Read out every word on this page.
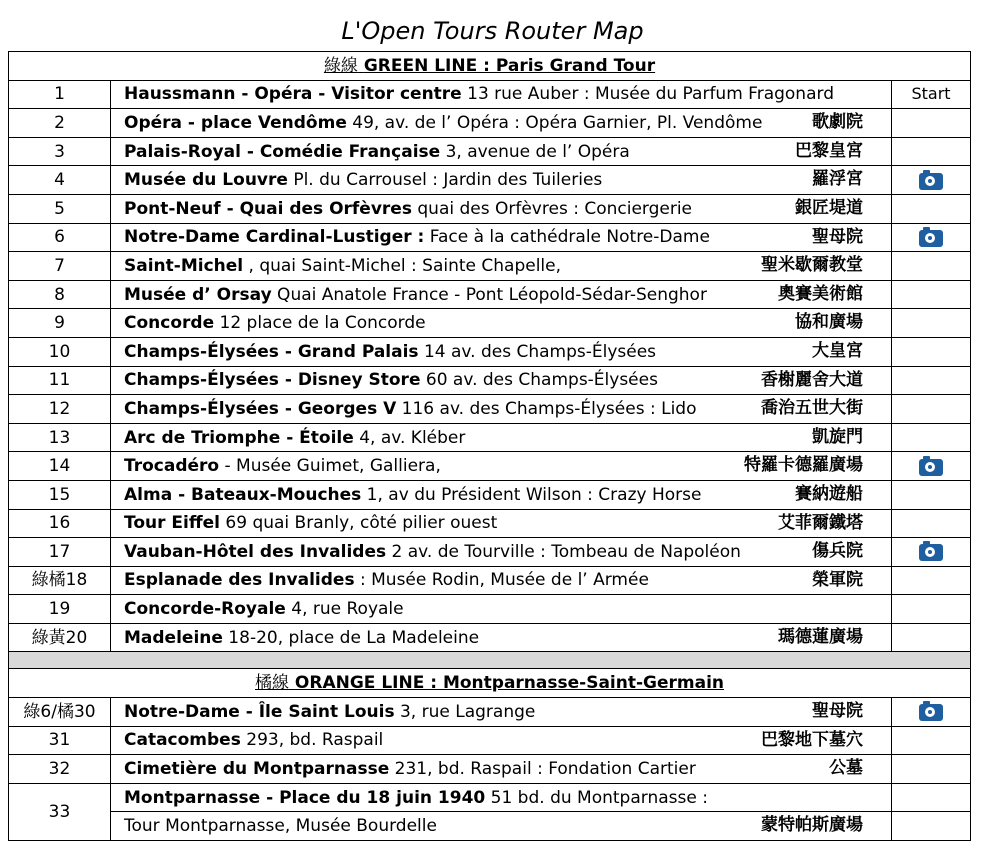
L'Open Tours Router Map
綠線 GREEN LINE : Paris Grand Tour		
1	Haussmann - Opéra - Visitor centre 13 rue Auber : Musée du Parfum Fragonard	Start
2	Opéra - place Vendôme 49, av. de l’ Opéra : Opéra Garnier, Pl. Vendôme 歌劇院	

3	Palais-Royal - Comédie Française 3, avenue de l’ Opéra 巴黎皇宮	

4	Musée du Louvre Pl. du Carrousel : Jardin des Tuileries 羅浮宮	

5	Pont-Neuf - Quai des Orfèvres quai des Orfèvres : Conciergerie 銀匠堤道	

6	Notre-Dame Cardinal-Lustiger : Face à la cathédrale Notre-Dame 聖母院	

7	Saint-Michel , quai Saint-Michel : Sainte Chapelle, 聖米歇爾教堂	

8	Musée d’ Orsay Quai Anatole France - Pont Léopold-Sédar-Senghor 奧賽美術館	

9	Concorde 12 place de la Concorde 協和廣場	

10	Champs-Élysées - Grand Palais 14 av. des Champs-Élysées 大皇宮	

11	Champs-Élysées - Disney Store 60 av. des Champs-Élysées 香榭麗舍大道	

12	Champs-Élysées - Georges V 116 av. des Champs-Élysées : Lido 喬治五世大街	

13	Arc de Triomphe - Étoile 4, av. Kléber 凱旋門	

14	Trocadéro - Musée Guimet, Galliera, 特羅卡德羅廣場	

15	Alma - Bateaux-Mouches 1, av du Président Wilson : Crazy Horse 賽納遊船	

16	Tour Eiffel 69 quai Branly, côté pilier ouest 艾菲爾鐵塔	

17	Vauban-Hôtel des Invalides 2 av. de Tourville : Tombeau de Napoléon 傷兵院	

綠橘18	Esplanade des Invalides : Musée Rodin, Musée de l’ Armée 榮軍院	

19	Concorde-Royale 4, rue Royale

綠黃20	Madeleine 18-20, place de La Madeleine 瑪德蓮廣場	

橘線 ORANGE LINE : Montparnasse-Saint-Germain		
綠6/橘30	Notre-Dame - Île Saint Louis 3, rue Lagrange 聖母院	

31	Catacombes 293, bd. Raspail 巴黎地下墓穴	

32	Cimetière du Montparnasse 231, bd. Raspail : Fondation Cartier 公墓	

33	Montparnasse - Place du 18 juin 1940 51 bd. du Montparnasse :	
	Tour Montparnasse, Musée Bourdelle 蒙特帕斯廣場	
